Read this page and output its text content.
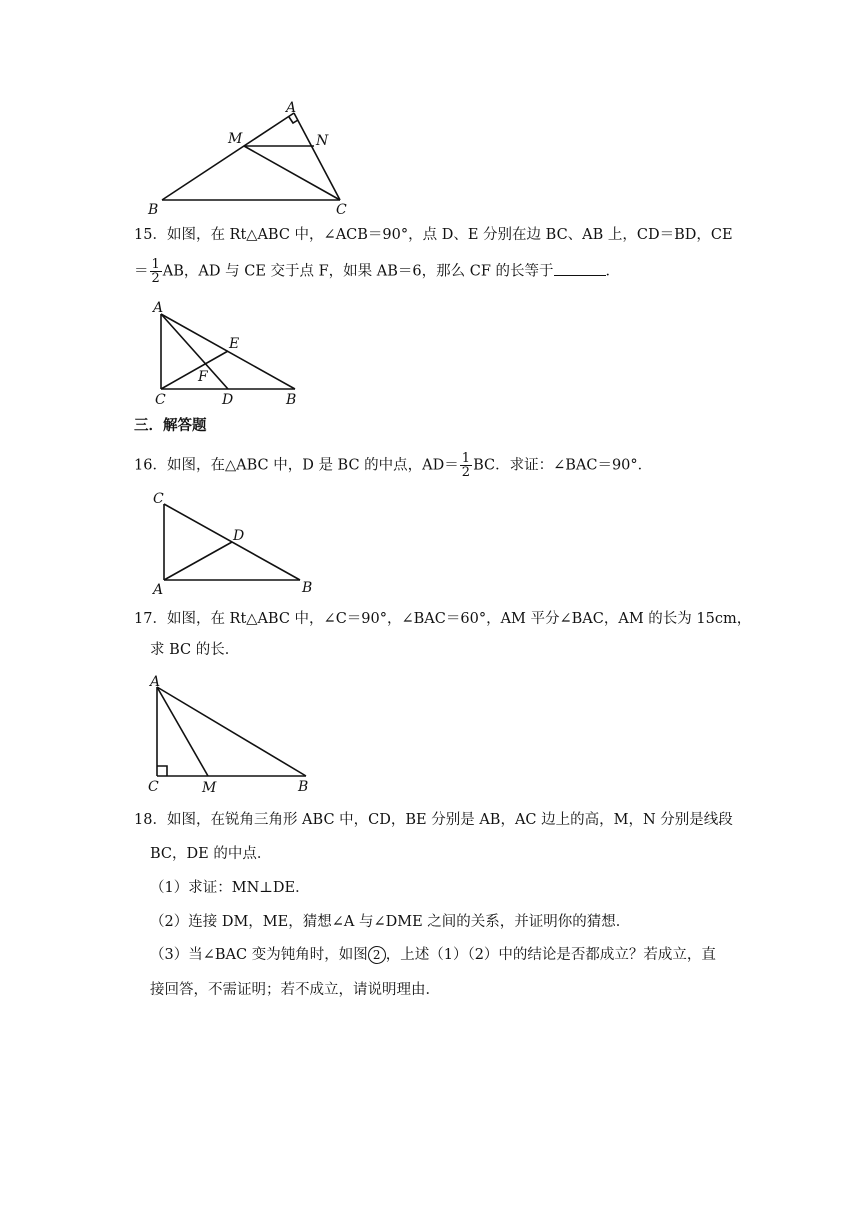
A
M	N
B	C
15．如图，在 Rt△ABC 中，∠ACB＝90°，点 D、E 分别在边 BC、AB 上，CD＝BD，CE
＝ $\frac{1}{2}$ AB，AD 与 CE 交于点 F，如果 AB＝6，那么 CF 的长等于	．
A
E
F
C	D	B
三．解答题
16．如图，在△ABC 中，D 是 BC 的中点，$AD= \frac{1}{2}$ BC．求证：∠BAC＝90°．
C
D
A	B
17．如图，在 Rt△ABC 中，∠C＝90°，∠BAC＝60°，AM 平分∠BAC，AM 的长为 15cm，
求 BC 的长．
A
C	M	B
18．如图，在锐角三角形 ABC 中，CD，BE 分别是 AB，AC 边上的高，M，N 分别是线段
BC，DE 的中点．
（1）求证：MN⊥DE．
（2）连接 DM，ME，猜想∠A 与∠DME 之间的关系，并证明你的猜想．
（3）当∠BAC 变为钝角时，如图 2 ，上述（1）（2）中的结论是否都成立？若成立，直
接回答，不需证明；若不成立，请说明理由．
